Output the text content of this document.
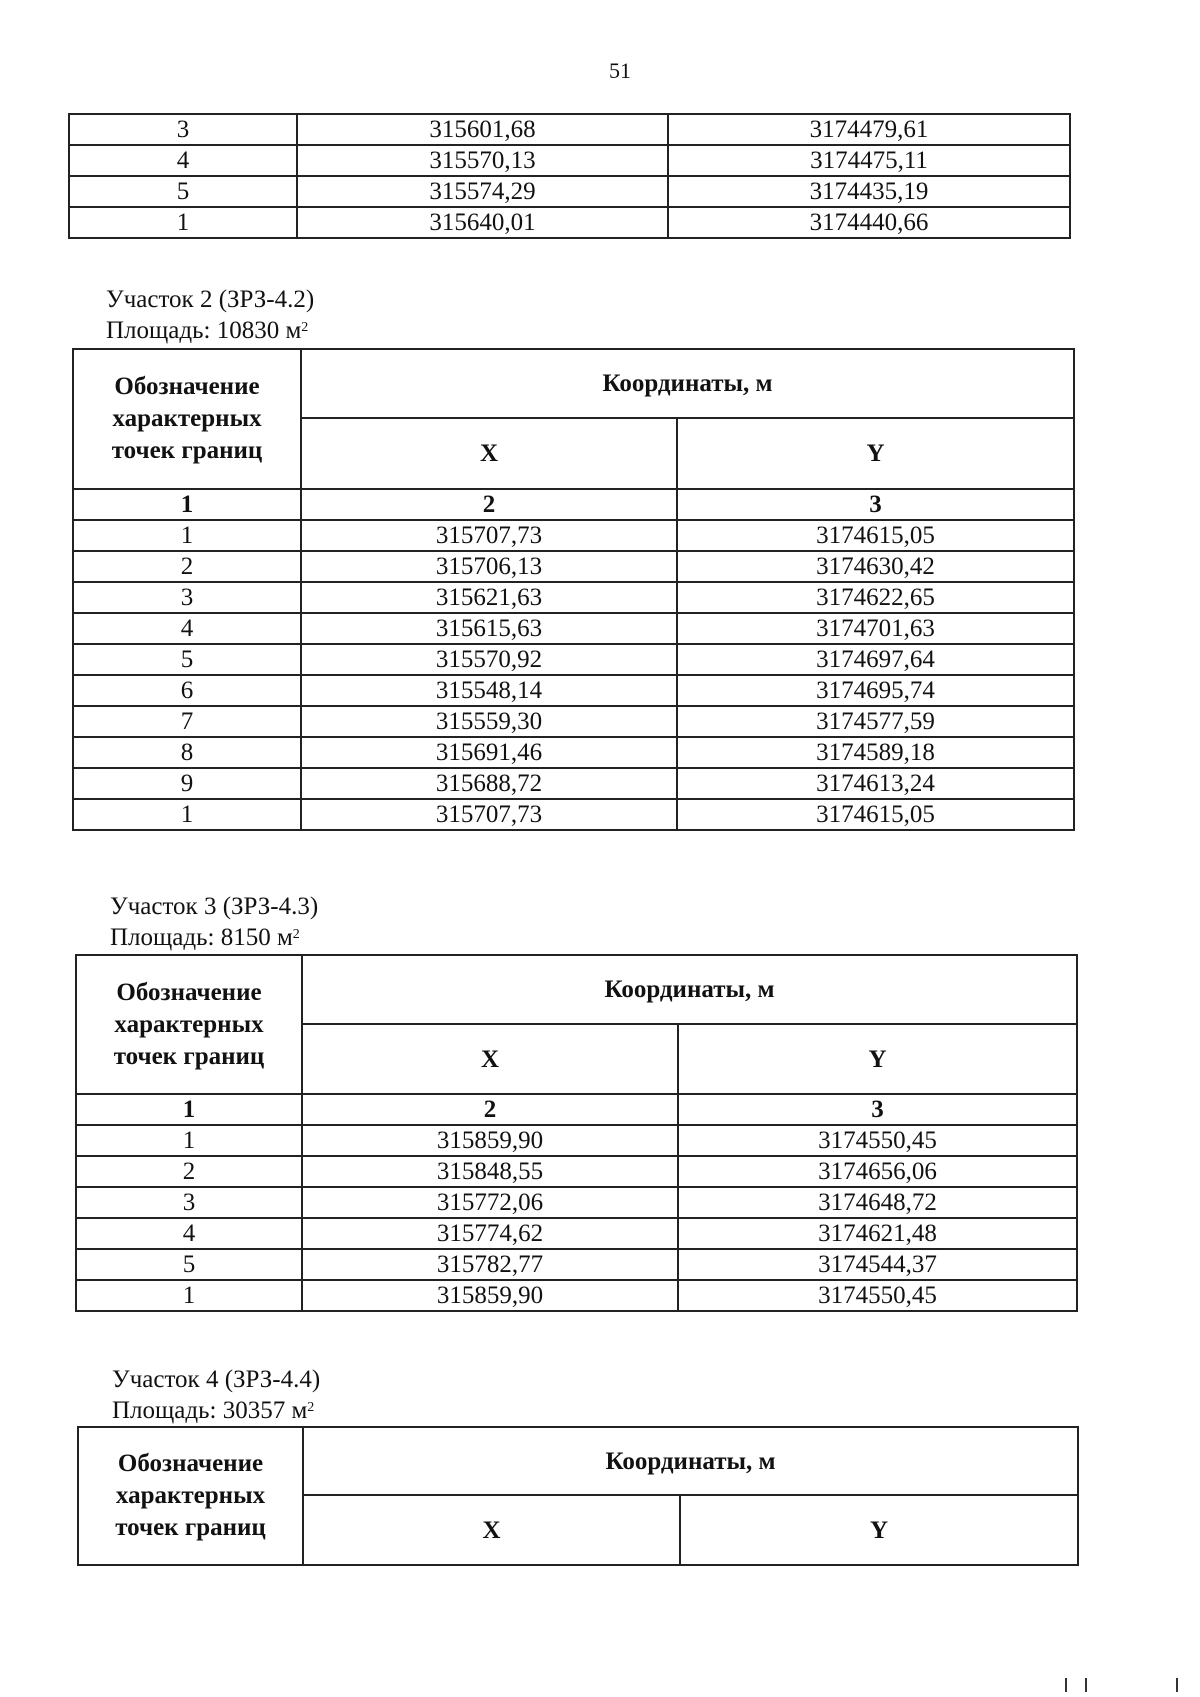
51
3	315601,68	3174479,61
4	315570,13	3174475,11
5	315574,29	3174435,19
1	315640,01	3174440,66
Участок 2 (ЗРЗ-4.2)
Площадь: 10830 $м^2$
Обозначение характерных точек границ	Координаты, м	
	X	Y
1	2	3
1	315707,73	3174615,05
2	315706,13	3174630,42
3	315621,63	3174622,65
4	315615,63	3174701,63
5	315570,92	3174697,64
6	315548,14	3174695,74
7	315559,30	3174577,59
8	315691,46	3174589,18
9	315688,72	3174613,24
1	315707,73	3174615,05
Участок 3 (ЗРЗ-4.3)
Площадь: 8150 $м^2$
Обозначение характерных точек границ	Координаты, м	
	X	Y
1	2	3
1	315859,90	3174550,45
2	315848,55	3174656,06
3	315772,06	3174648,72
4	315774,62	3174621,48
5	315782,77	3174544,37
1	315859,90	3174550,45
Участок 4 (ЗРЗ-4.4)
Площадь: 30357 $м^2$
Обозначение характерных точек границ	Координаты, м	
	X	Y
